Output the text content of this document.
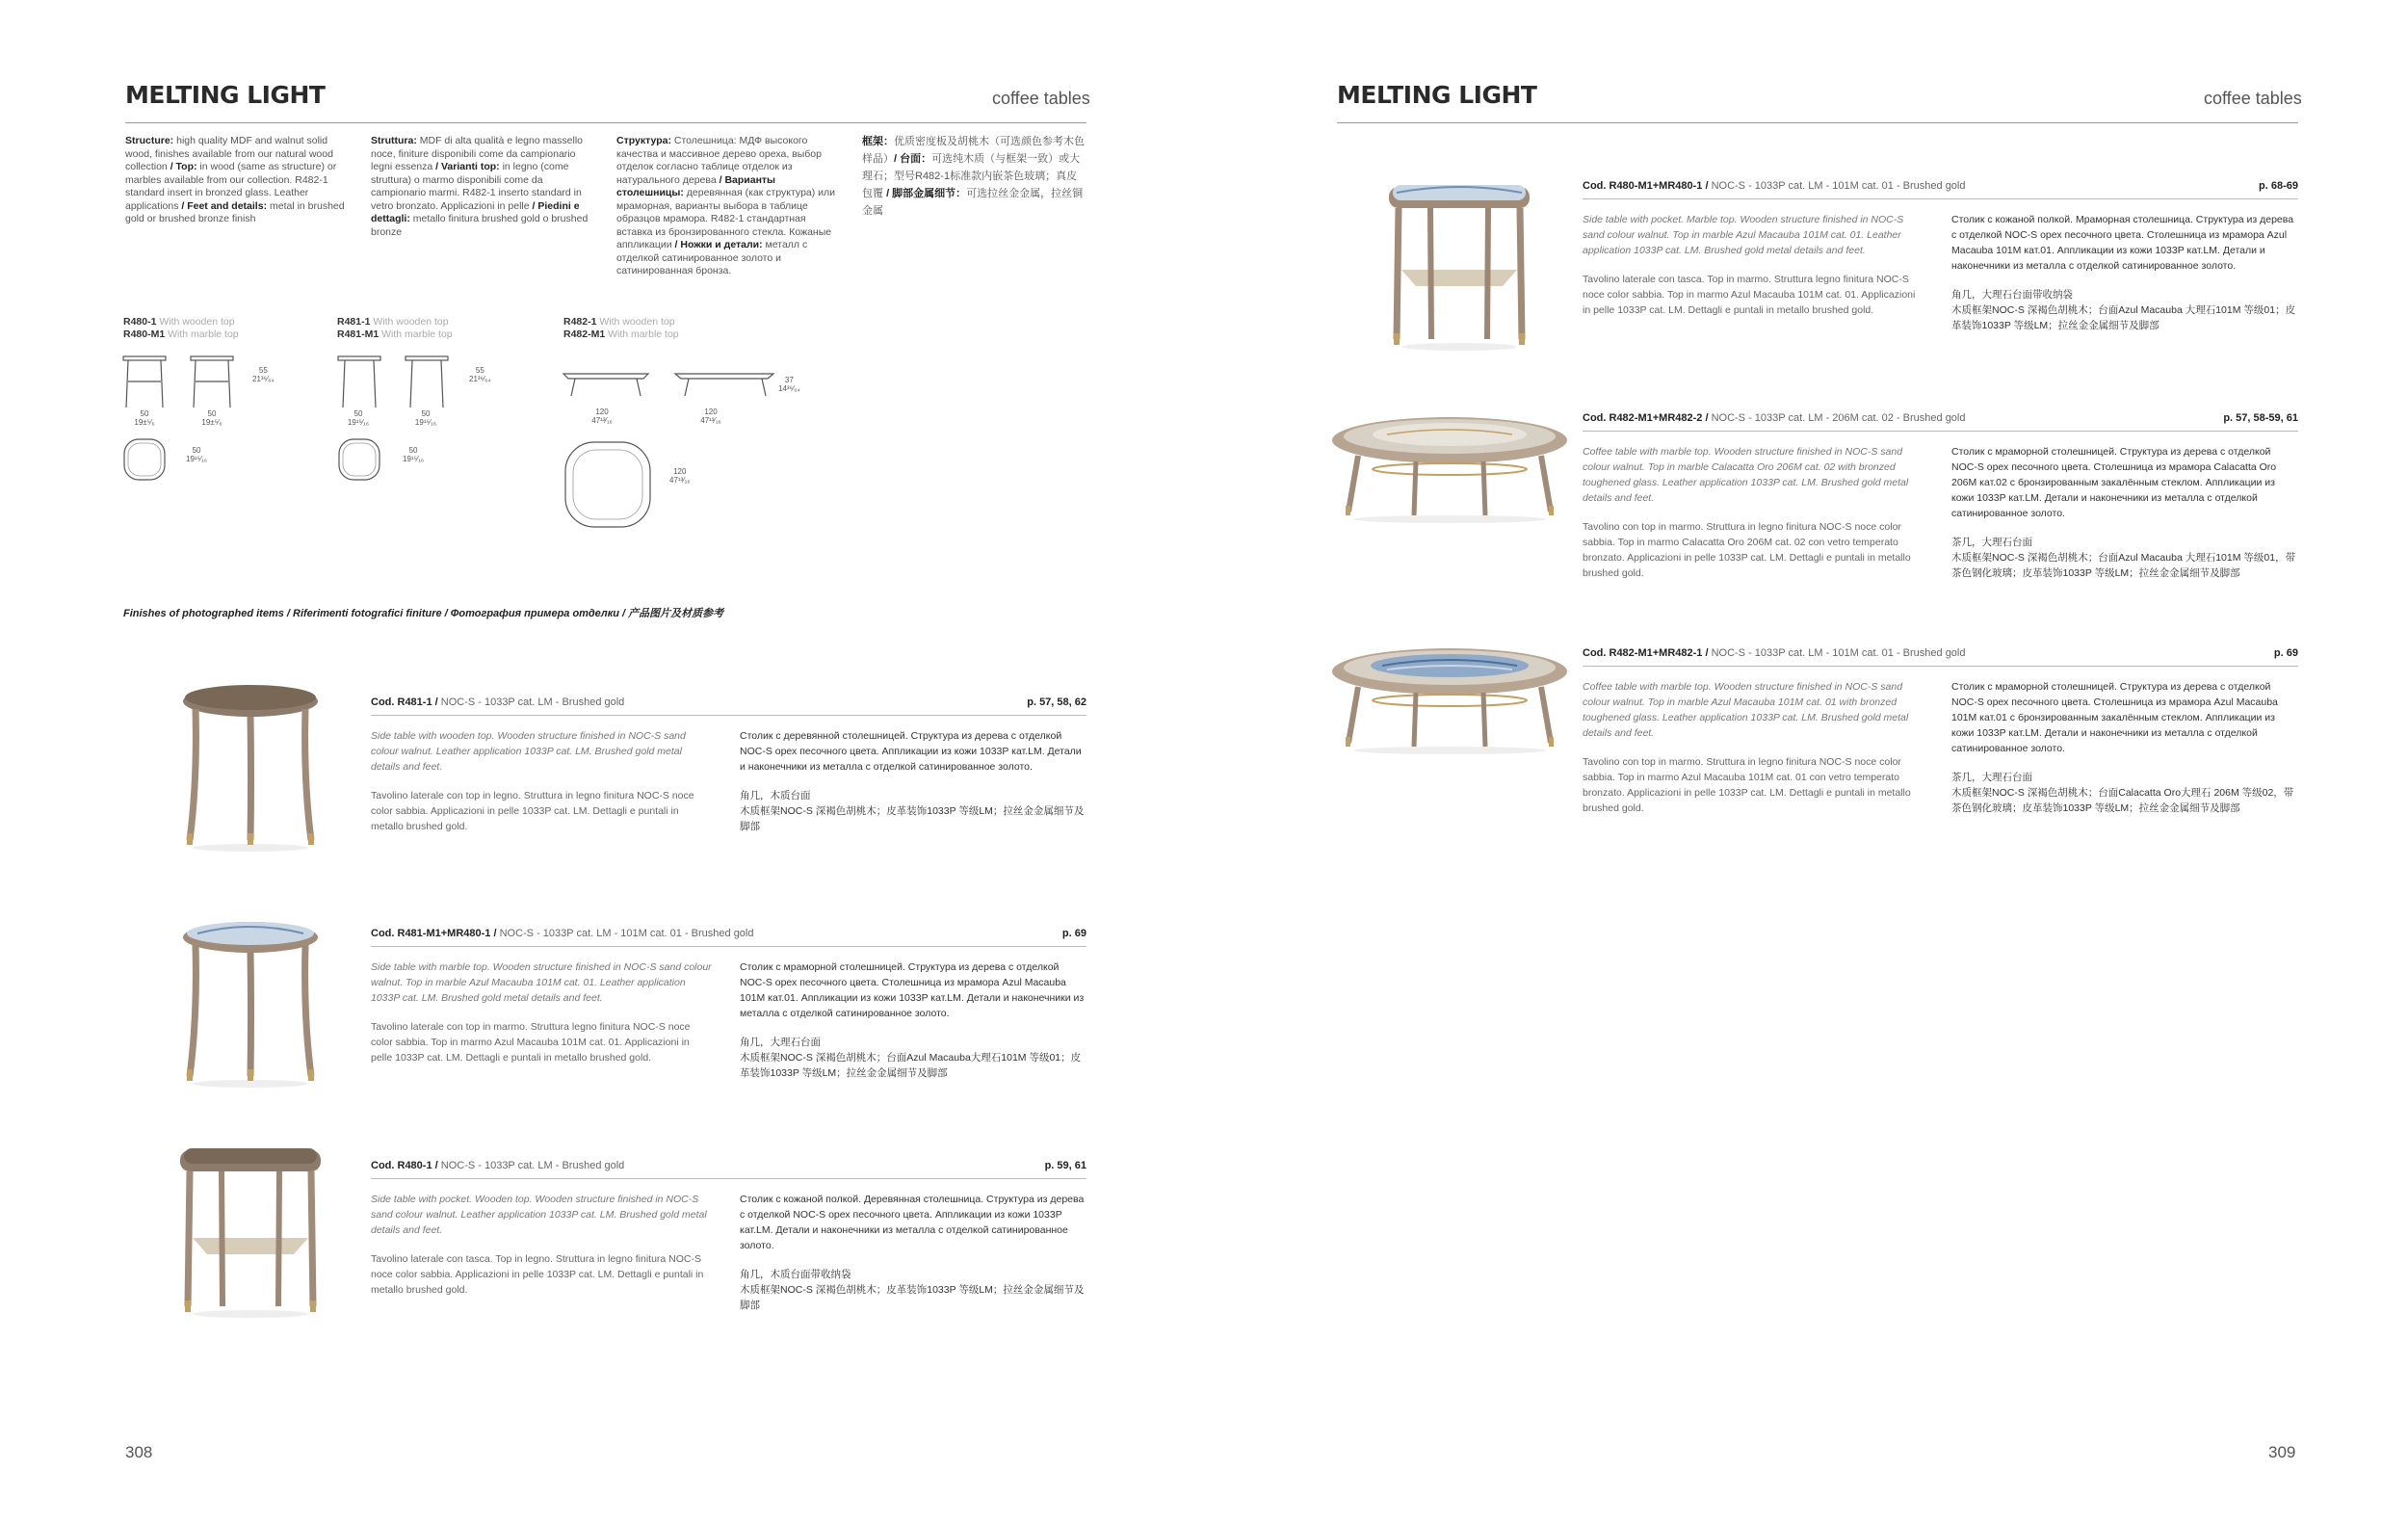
MELTING LIGHT	coffee tables
Structure: high quality MDF and walnut solid wood, finishes available from our natural wood collection / Top: in wood (same as structure) or marbles available from our collection. R482-1 standard insert in bronzed glass. Leather applications / Feet and details: metal in brushed gold or brushed bronze finish
Struttura: MDF di alta qualità e legno massello noce, finiture disponibili come da campionario legni essenza / Varianti top: in legno (come struttura) o marmo disponibili come da campionario marmi. R482-1 inserto standard in vetro bronzato. Applicazioni in pelle / Piedini e dettagli: metallo finitura brushed gold o brushed bronze
Структура: Столешница: МДФ высокого качества и массивное дерево ореха, выбор отделок согласно таблице отделок из натурального дерева / Варианты столешницы: деревянная (как структура) или мраморная, варианты выбора в таблице образцов мрамора. R482-1 стандартная вставка из бронзированного стекла. Кожаные аппликации / Ножки и детали: металл с отделкой сатинированное золото и сатинированная бронза.
框架：优质密度板及胡桃木（可选颜色参考木色样品）/ 台面：可选纯木质（与框架一致）或大理石；型号R482-1标准款内嵌茶色玻璃；真皮包覆 / 脚部金属细节：可选拉丝金金属，拉丝铜金属
R480-1 With wooden top
R480-M1 With marble top
R481-1 With wooden top
R481-M1 With marble top
R482-1 With wooden top
R482-M1 With marble top
55
21³⁶⁄₆₄
50
19±⁵⁄₆
50
19±⁵⁄₆
50
19¹⁵⁄₁₆
55
21³⁶⁄₆₄
50
19¹⁵⁄₁₆
50
19¹⁵⁄₁₆
50
19¹⁵⁄₁₆
37
14³⁶⁄₆₄
120
47¹³⁄₁₆
120
47¹³⁄₁₆
120
47¹³⁄₁₆
Finishes of photographed items / Riferimenti fotografici finiture / Фотография примера отделки / 产品图片及材质参考
Cod. R481-1 / NOC-S - 1033P cat. LM - Brushed gold	p. 57, 58, 62
Side table with wooden top. Wooden structure finished in NOC-S sand colour walnut. Leather application 1033P cat. LM. Brushed gold metal details and feet.
Tavolino laterale con top in legno. Struttura in legno finitura NOC-S noce color sabbia. Applicazioni in pelle 1033P cat. LM. Dettagli e puntali in metallo brushed gold.
Столик с деревянной столешницей. Структура из дерева с отделкой NOC-S орех песочного цвета. Аппликации из кожи 1033P кат.LM. Детали и наконечники из металла с отделкой сатинированное золото.
角几，木质台面
木质框架NOC-S 深褐色胡桃木；皮革装饰1033P 等级LM；拉丝金金属细节及脚部
Cod. R481-M1+MR480-1 / NOC-S - 1033P cat. LM - 101M cat. 01 - Brushed gold	p. 69
Side table with marble top. Wooden structure finished in NOC-S sand colour walnut. Top in marble Azul Macauba 101M cat. 01. Leather application 1033P cat. LM. Brushed gold metal details and feet.
Tavolino laterale con top in marmo. Struttura legno finitura NOC-S noce color sabbia. Top in marmo Azul Macauba 101M cat. 01. Applicazioni in pelle 1033P cat. LM. Dettagli e puntali in metallo brushed gold.
Столик с мраморной столешницей. Структура из дерева с отделкой NOC-S орех песочного цвета. Столешница из мрамора Azul Macauba 101M кат.01. Аппликации из кожи 1033P кат.LM. Детали и наконечники из металла с отделкой сатинированное золото.
角几，大理石台面
木质框架NOC-S 深褐色胡桃木；台面Azul Macauba大理石101M 等级01；皮革装饰1033P 等级LM；拉丝金金属细节及脚部
Cod. R480-1 / NOC-S - 1033P cat. LM - Brushed gold	p. 59, 61
Side table with pocket. Wooden top. Wooden structure finished in NOC-S sand colour walnut. Leather application 1033P cat. LM. Brushed gold metal details and feet.
Tavolino laterale con tasca. Top in legno. Struttura in legno finitura NOC-S noce color sabbia. Applicazioni in pelle 1033P cat. LM. Dettagli e puntali in metallo brushed gold.
Столик с кожаной полкой. Деревянная столешница. Структура из дерева с отделкой NOC-S орех песочного цвета. Аппликации из кожи 1033P кат.LM. Детали и наконечники из металла с отделкой сатинированное золото.
角几，木质台面带收纳袋
木质框架NOC-S 深褐色胡桃木；皮革装饰1033P 等级LM；拉丝金金属细节及脚部
308
MELTING LIGHT	coffee tables
Cod. R480-M1+MR480-1 / NOC-S - 1033P cat. LM - 101M cat. 01 - Brushed gold	p. 68-69
Side table with pocket. Marble top. Wooden structure finished in NOC-S sand colour walnut. Top in marble Azul Macauba 101M cat. 01. Leather application 1033P cat. LM. Brushed gold metal details and feet.
Tavolino laterale con tasca. Top in marmo. Struttura legno finitura NOC-S noce color sabbia. Top in marmo Azul Macauba 101M cat. 01. Applicazioni in pelle 1033P cat. LM. Dettagli e puntali in metallo brushed gold.
Столик с кожаной полкой. Мраморная столешница. Структура из дерева с отделкой NOC-S орех песочного цвета. Столешница из мрамора Azul Macauba 101M кат.01. Аппликации из кожи 1033P кат.LM. Детали и наконечники из металла с отделкой сатинированное золото.
角几，大理石台面带收纳袋
木质框架NOC-S 深褐色胡桃木；台面Azul Macauba 大理石101M 等级01；皮革装饰1033P 等级LM；拉丝金金属细节及脚部
Cod. R482-M1+MR482-2 / NOC-S - 1033P cat. LM - 206M cat. 02 - Brushed gold	p. 57, 58-59, 61
Coffee table with marble top. Wooden structure finished in NOC-S sand colour walnut. Top in marble Calacatta Oro 206M cat. 02 with bronzed toughened glass. Leather application 1033P cat. LM. Brushed gold metal details and feet.
Tavolino con top in marmo. Struttura in legno finitura NOC-S noce color sabbia. Top in marmo Calacatta Oro 206M cat. 02 con vetro temperato bronzato. Applicazioni in pelle 1033P cat. LM. Dettagli e puntali in metallo brushed gold.
Столик с мраморной столешницей. Структура из дерева с отделкой NOC-S орех песочного цвета. Столешница из мрамора Calacatta Oro 206M кат.02 с бронзированным закалённым стеклом. Аппликации из кожи 1033P кат.LM. Детали и наконечники из металла с отделкой сатинированное золото.
茶几，大理石台面
木质框架NOC-S 深褐色胡桃木；台面Azul Macauba 大理石101M 等级01，带茶色钢化玻璃；皮革装饰1033P 等级LM；拉丝金金属细节及脚部
Cod. R482-M1+MR482-1 / NOC-S - 1033P cat. LM - 101M cat. 01 - Brushed gold	p. 69
Coffee table with marble top. Wooden structure finished in NOC-S sand colour walnut. Top in marble Azul Macauba 101M cat. 01 with bronzed toughened glass. Leather application 1033P cat. LM. Brushed gold metal details and feet.
Tavolino con top in marmo. Struttura in legno finitura NOC-S noce color sabbia. Top in marmo Azul Macauba 101M cat. 01 con vetro temperato bronzato. Applicazioni in pelle 1033P cat. LM. Dettagli e puntali in metallo brushed gold.
Столик с мраморной столешницей. Структура из дерева с отделкой NOC-S орех песочного цвета. Столешница из мрамора Azul Macauba 101M кат.01 с бронзированным закалённым стеклом. Аппликации из кожи 1033P кат.LM. Детали и наконечники из металла с отделкой сатинированное золото.
茶几，大理石台面
木质框架NOC-S 深褐色胡桃木；台面Calacatta Oro大理石 206M 等级02，带茶色钢化玻璃；皮革装饰1033P 等级LM；拉丝金金属细节及脚部
309
